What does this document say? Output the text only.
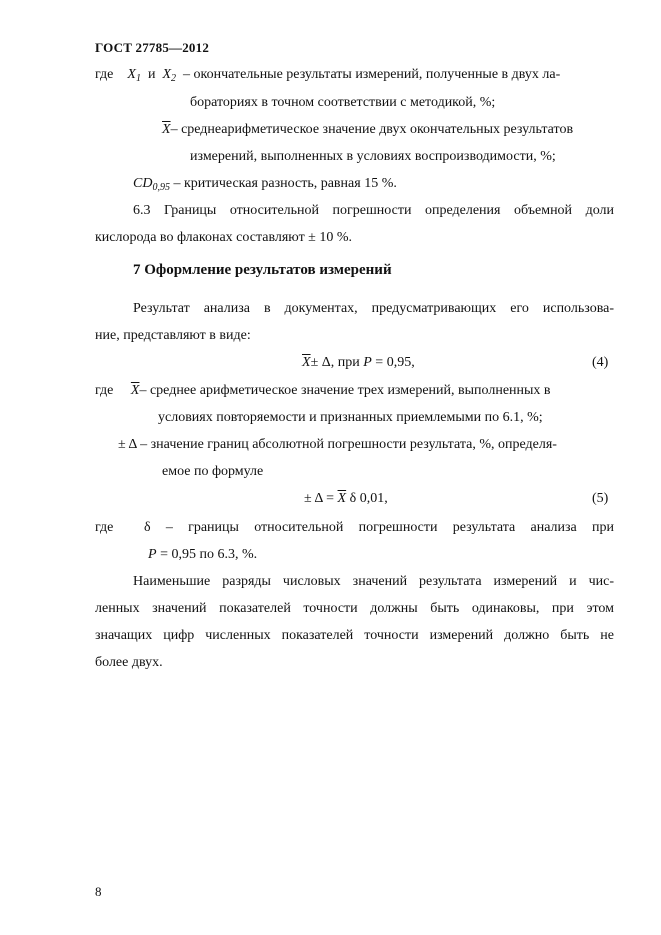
ГОСТ 27785—2012
где $X_1$ и $X_2$ – окончательные результаты измерений, полученные в двух ла-
бораториях в точном соответствии с методикой, %;
$\overline{X}-$ среднеарифметическое значение двух окончательных результатов
измерений, выполненных в условиях воспроизводимости, %;
$CD_{0,95}$ – критическая разность, равная 15 %.
6.3 Границы относительной погрешности определения объемной доли
кислорода во флаконах составляют ± 10 %.
7 Оформление результатов измерений
Результат анализа в документах, предусматривающих его использова-
ние, представляют в виде:
$\overline{X}\pm \Delta$, при P = 0,95,	(4)
где $\overline{X}-$ среднее арифметическое значение трех измерений, выполненных в
условиях повторяемости и признанных приемлемыми по 6.1, %;
± Δ – значение границ абсолютной погрешности результата, %, определя-
емое по формуле
± $\Delta = \overline{X}$ δ 0,01,	(5)
где δ – границы относительной погрешности результата анализа при
P = 0,95 по 6.3, %.
Наименьшие разряды числовых значений результата измерений и чис-
ленных значений показателей точности должны быть одинаковы, при этом
значащих цифр численных показателей точности измерений должно быть не
более двух.
8
